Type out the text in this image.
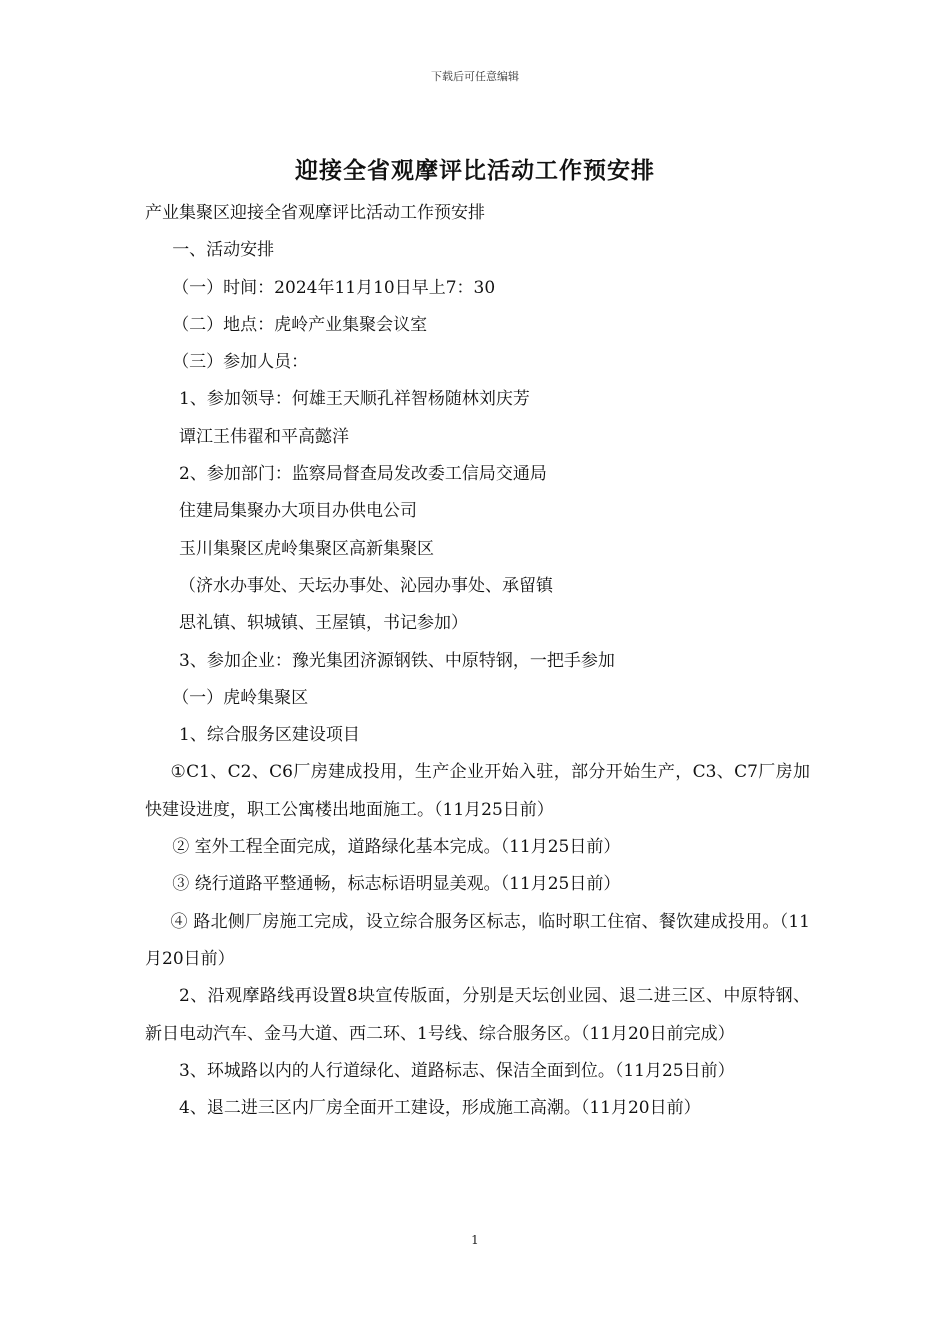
下载后可任意编辑
迎接全省观摩评比活动工作预安排

产业集聚区迎接全省观摩评比活动工作预安排

一、活动安排

（一）时间：2024年11月10日早上7：30

（二）地点：虎岭产业集聚会议室

（三）参加人员：

1、参加领导：何雄王天顺孔祥智杨随林刘庆芳

谭江王伟翟和平高懿洋

2、参加部门：监察局督查局发改委工信局交通局

住建局集聚办大项目办供电公司

玉川集聚区虎岭集聚区高新集聚区

（济水办事处、天坛办事处、沁园办事处、承留镇

思礼镇、轵城镇、王屋镇，书记参加）

3、参加企业：豫光集团济源钢铁、中原特钢，一把手参加

（一）虎岭集聚区

1、综合服务区建设项目

①C1、C2、C6厂房建成投用，生产企业开始入驻，部分开始生产，C3、C7厂房加快建设进度，职工公寓楼出地面施工。（11月25日前）

② 室外工程全面完成，道路绿化基本完成。（11月25日前）

③ 绕行道路平整通畅，标志标语明显美观。（11月25日前）

④ 路北侧厂房施工完成，设立综合服务区标志，临时职工住宿、餐饮建成投用。（11月20日前）

2、沿观摩路线再设置8块宣传版面，分别是天坛创业园、退二进三区、中原特钢、新日电动汽车、金马大道、西二环、1号线、综合服务区。（11月20日前完成）

3、环城路以内的人行道绿化、道路标志、保洁全面到位。（11月25日前）

4、退二进三区内厂房全面开工建设，形成施工高潮。（11月20日前）

1
